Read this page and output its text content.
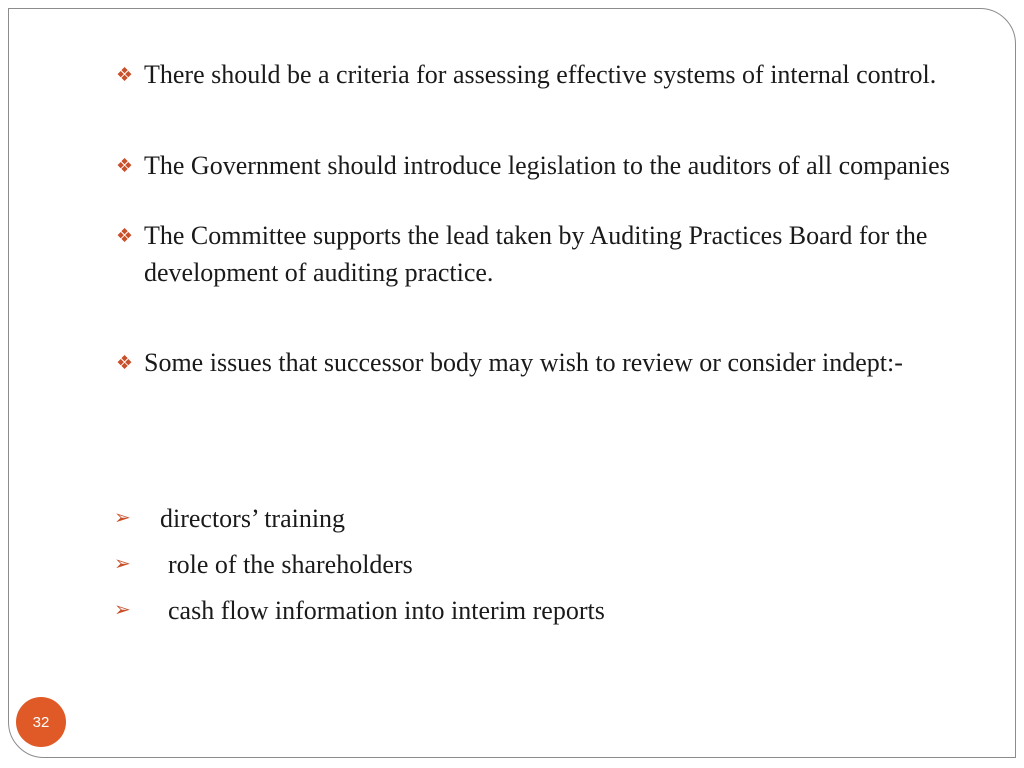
❖ There should be a criteria for assessing effective systems of internal control.
❖ The Government should introduce legislation to the auditors of all companies
❖ The Committee supports the lead taken by Auditing Practices Board for the development of auditing practice.
❖ Some issues that successor body may wish to review or consider indept:-
➢ directors’ training
➢ role of the shareholders
➢ cash flow information into interim reports
32
